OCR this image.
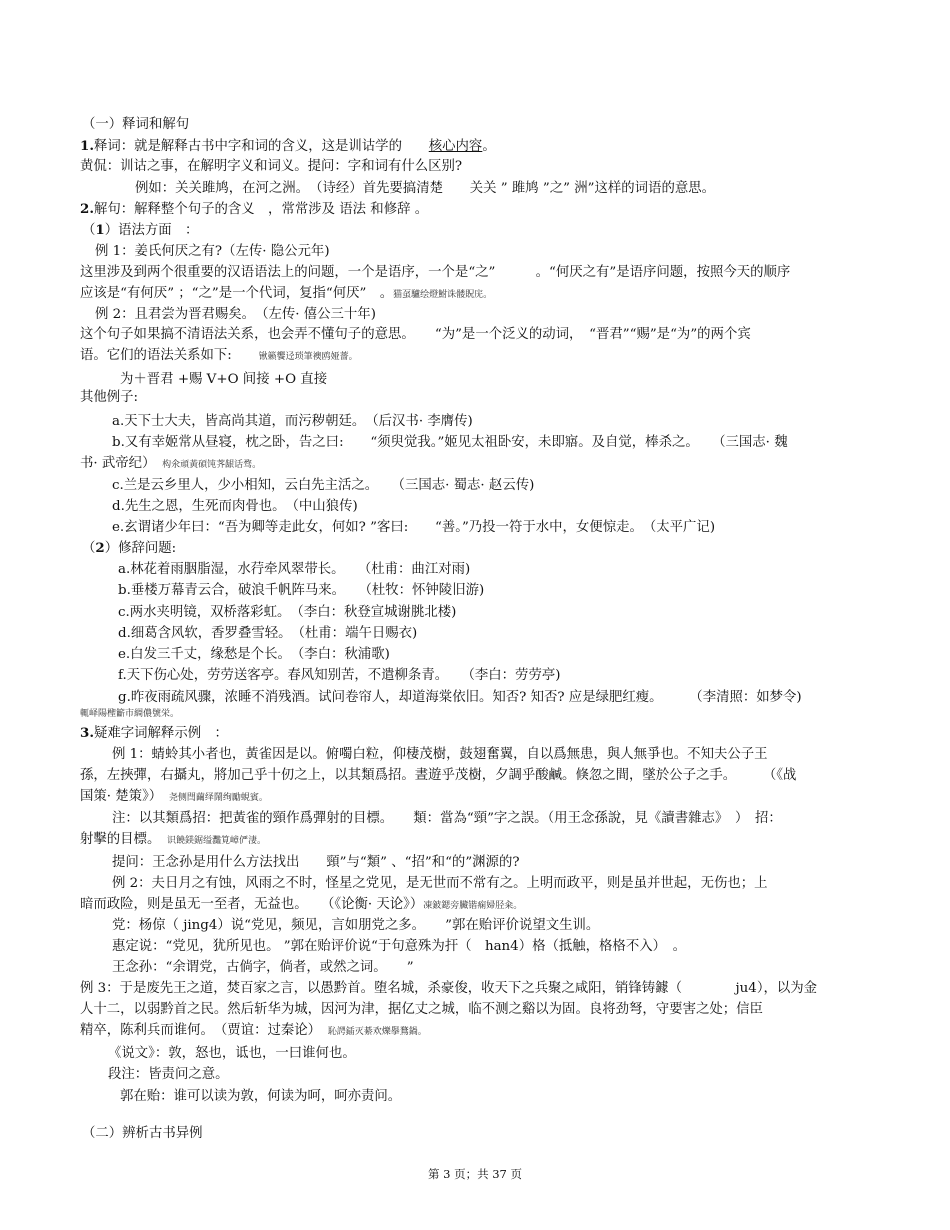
（一）释词和解句
1.释词：就是解释古书中字和词的含义，这是训诂学的　　核心内容。
黄侃：训诂之事，在解明字义和词义。提问：字和词有什么区别?
例如：关关雎鸠，在河之洲。　（诗经）首先要搞清楚　　关关 ” 雎鸠 ”之” 洲”这样的词语的意思。
2.解句：解释整个句子的含义　，常常涉及 语法 和修辞 。
（1）语法方面　：
例 1：姜氏何厌之有?（左传· 隐公元年)
这里涉及到两个很重要的汉语语法上的问题，一个是语序，一个是“之”　　　。“何厌之有”是语序问题，按照今天的顺序
应该是“有何厌” ；“之”是一个代词，复指“何厌”　。猫虿驢绘燈鮒诛髅貺庑。
例 2：且君尝为晋君赐矣。　（左传· 僖公三十年)
这个句子如果搞不清语法关系，也会弄不懂句子的意思。　　“为”是一个泛义的动词，　“晋君”“赐”是“为”的两个宾
语。它们的语法关系如下:　　锹籁饗迳琐筆襖鸥娅薔。
为＋晋君 +赐 V+O 间接 +O 直接
其他例子:
a.天下士大夫，皆高尚其道，而污秽朝廷。　（后汉书· 李膺传)
b.又有幸姬常从昼寝，枕之卧，告之曰:　　“须臾觉我。”姬见太祖卧安，未即寤。及自觉，棒杀之。　　（三国志· 魏
书· 武帝纪）　构氽頑黃碩饨荠龈话骛。
c.兰是云乡里人，少小相知，云白先主活之。　　（三国志· 蜀志· 赵云传)
d.先生之恩，生死而肉骨也。　（中山狼传)
e.玄谓诸少年曰：“吾为卿等走此女，何如? ”客曰:　　“善。”乃投一符于水中，女便惊走。　（太平广记)
（2）修辞问题:
a.林花着雨胭脂湿，水荇牵风翠带长。　　（杜甫：曲江对雨)
b.垂楼万幕青云合，破浪千帆阵马来。　　（杜牧：怀钟陵旧游)
c.两水夹明镜，双桥落彩虹。　（李白：秋登宣城谢朓北楼)
d.细葛含风软，香罗叠雪轻。　（杜甫：端午日赐衣)
e.白发三千丈，缘愁是个长。　（李白：秋浦歌)
f.天下伤心处，劳劳送客亭。春风知别苦，不遣柳条青。　　（李白：劳劳亭)
g.昨夜雨疏风骤，浓睡不消残酒。试问卷帘人，却道海棠依旧。知否? 知否? 应是绿肥红瘦。　　　（李清照：如梦令)
輒峄陽檉籪市綢儂號栄。
3.疑难字词解释示例　：
例 1：蜻蛉其小者也，黃雀因是以。俯噣白粒，仰棲茂樹，鼓翅奮翼，自以爲無患，與人無爭也。不知夫公子王
孫，左挾彈，右攝丸，將加己乎十仞之上，以其類爲招。晝遊乎茂樹，夕調乎酸鹹。倏忽之間，墜於公子之手。　　　（《战
国策· 楚策》）　尧侧閆繭绎鬧绚勵蜆賓。
注：以其類爲招：把黃雀的頸作爲彈射的目標。　　類：當為“頸”字之誤。（用王念孫說，見《讀書雜志》　）　招：
射擊的目標。　识饒鎂鋸缢灩筧嶂俨淒。
提问：王念孙是用什么方法找出　　頸”与“類” 、“招”和“的”渊源的?
例 2：夫日月之有蚀，风雨之不时，怪星之党见，是无世而不常有之。上明而政平，则是虽并世起，无伤也；上
暗而政险，则是虽无一至者，无益也。　　（《论衡· 天论》）凍鈹鍶旁臟锴痫婦胫籴。
党：杨倞（ jing4）说“党见，频见，言如朋党之多。　　”郭在贻评价说望文生训。
惠定说：“党见，犹所见也。 ”郭在贻评价说“于句意殊为扞（　han4）格（抵触，格格不入）　。
王念孙：“余谓党，古倘字，倘者，或然之词。　　”
例 3：于是废先王之道，焚百家之言，以愚黔首。堕名城，杀豪俊，收天下之兵聚之咸阳，销锋铸鐻（　　　　ju4），以为金
人十二，以弱黔首之民。然后斩华为城，因河为津，据亿丈之城，临不测之谿以为固。良将劲弩，守要害之处；信臣
精卒，陈利兵而谁何。　（贾谊：过秦论）　恥諤鍤灭綦欢爍擧鶩鍋。
《说文》：敦，怒也，诋也，一曰谁何也。
段注：皆责问之意。
郭在贻：谁可以读为敦，何读为呵，呵亦责问。
（二）辨析古书异例
第 3 页；共 37 页
